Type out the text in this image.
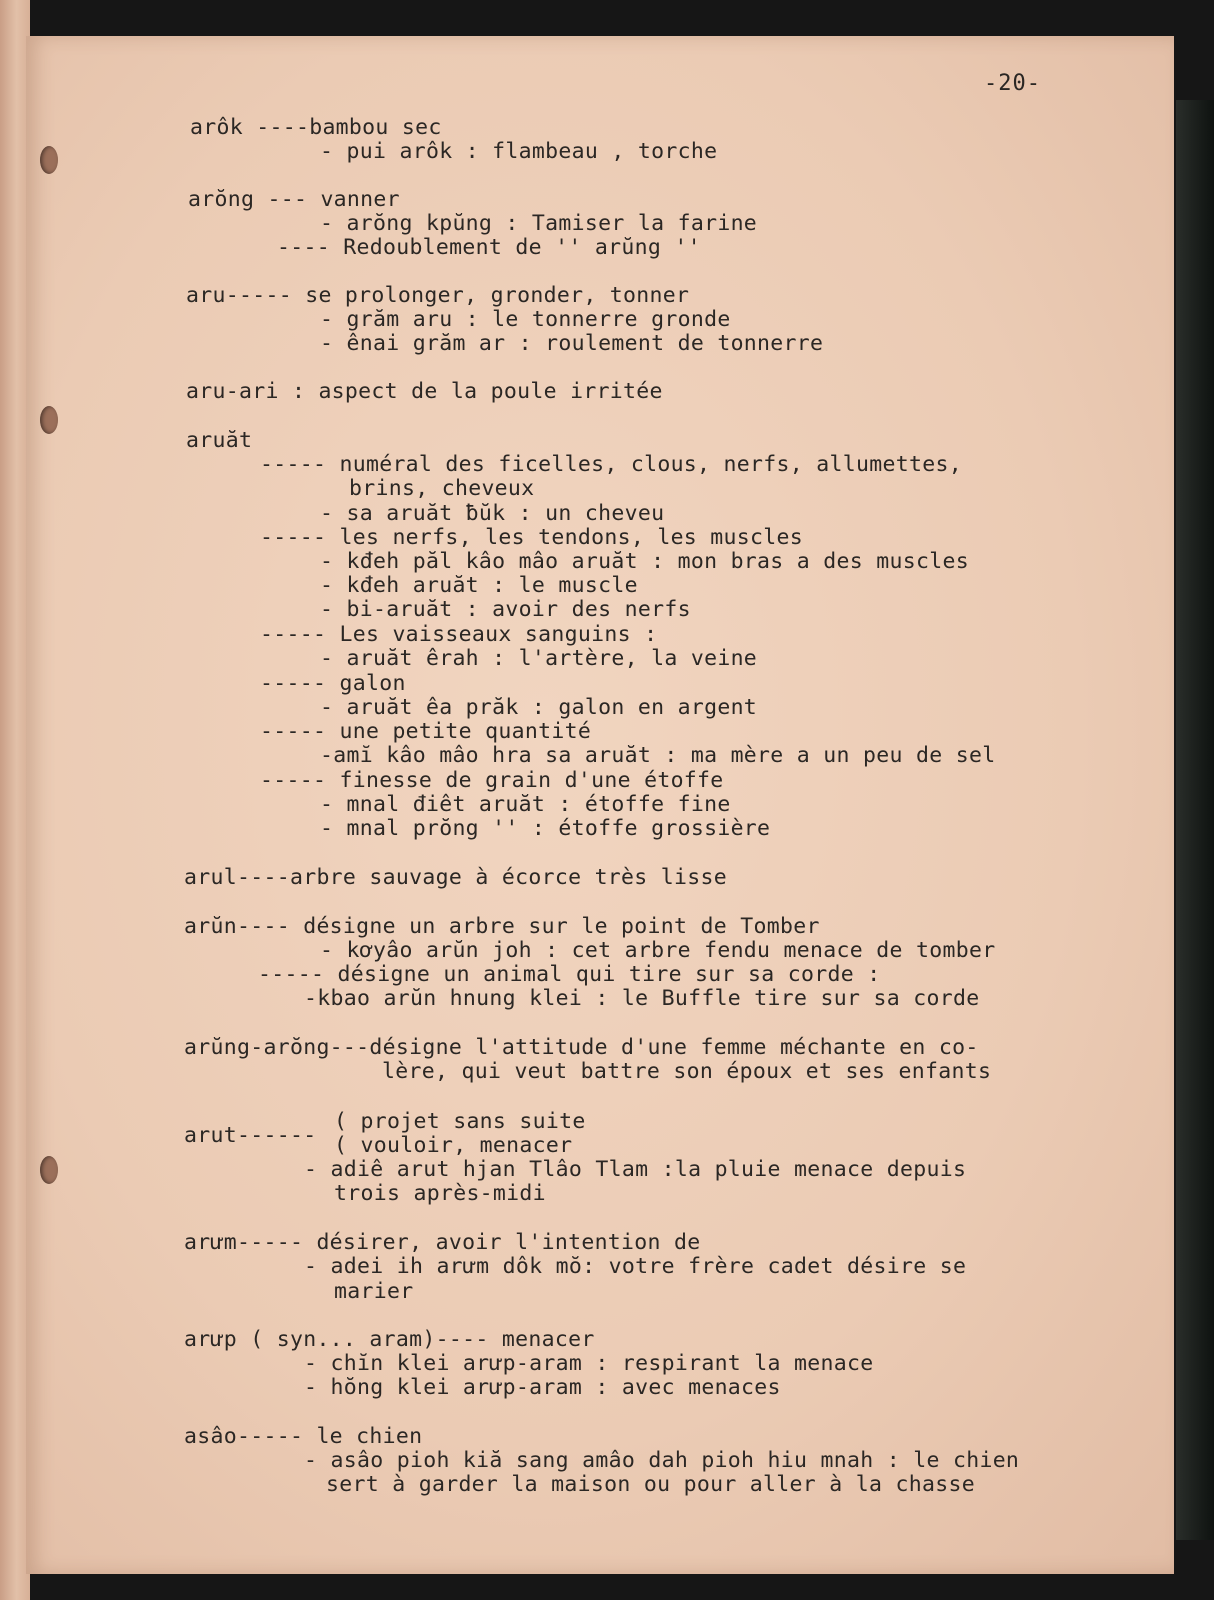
-20-
arôk ----bambou sec
- pui arôk : flambeau , torche
arŏng --- vanner
- arŏng kpŭng : Tamiser la farine
---- Redoublement de '' arŭng ''
aru----- se prolonger, gronder, tonner
- grăm aru : le tonnerre gronde
- ênai grăm ar : roulement de tonnerre
aru-ari : aspect de la poule irritée
aruăt
----- numéral des ficelles, clous, nerfs, allumettes,
brins, cheveux
- sa aruăt ƀŭk : un cheveu
----- les nerfs, les tendons, les muscles
- kđeh păl kâo mâo aruăt : mon bras a des muscles
- kđeh aruăt : le muscle
- bi-aruăt : avoir des nerfs
----- Les vaisseaux sanguins :
- aruăt êrah : l'artère, la veine
----- galon
- aruăt êa prăk : galon en argent
----- une petite quantité
-amĭ kâo mâo hra sa aruăt : ma mère a un peu de sel
----- finesse de grain d'une étoffe
- mnal điêt aruăt : étoffe fine
- mnal prŏng '' : étoffe grossière
arul----arbre sauvage à écorce très lisse
arŭn---- désigne un arbre sur le point de Tomber
- kơyâo arŭn joh : cet arbre fendu menace de tomber
----- désigne un animal qui tire sur sa corde :
-kbao arŭn hnung klei : le Buffle tire sur sa corde
arŭng-arŏng---désigne l'attitude d'une femme méchante en co-
lère, qui veut battre son époux et ses enfants
( projet sans suite
arut------ ( vouloir, menacer
- adiê arut hjan Tlâo Tlam :la pluie menace depuis
trois après-midi
arưm----- désirer, avoir l'intention de
- adei ih arưm dôk mŏ: votre frère cadet désire se
marier
arưp ( syn... aram)---- menacer
- chĭn klei arưp-aram : respirant la menace
- hŏng klei arưp-aram : avec menaces
asâo----- le chien
- asâo pioh kiă sang amâo dah pioh hiu mnah : le chien
sert à garder la maison ou pour aller à la chasse
